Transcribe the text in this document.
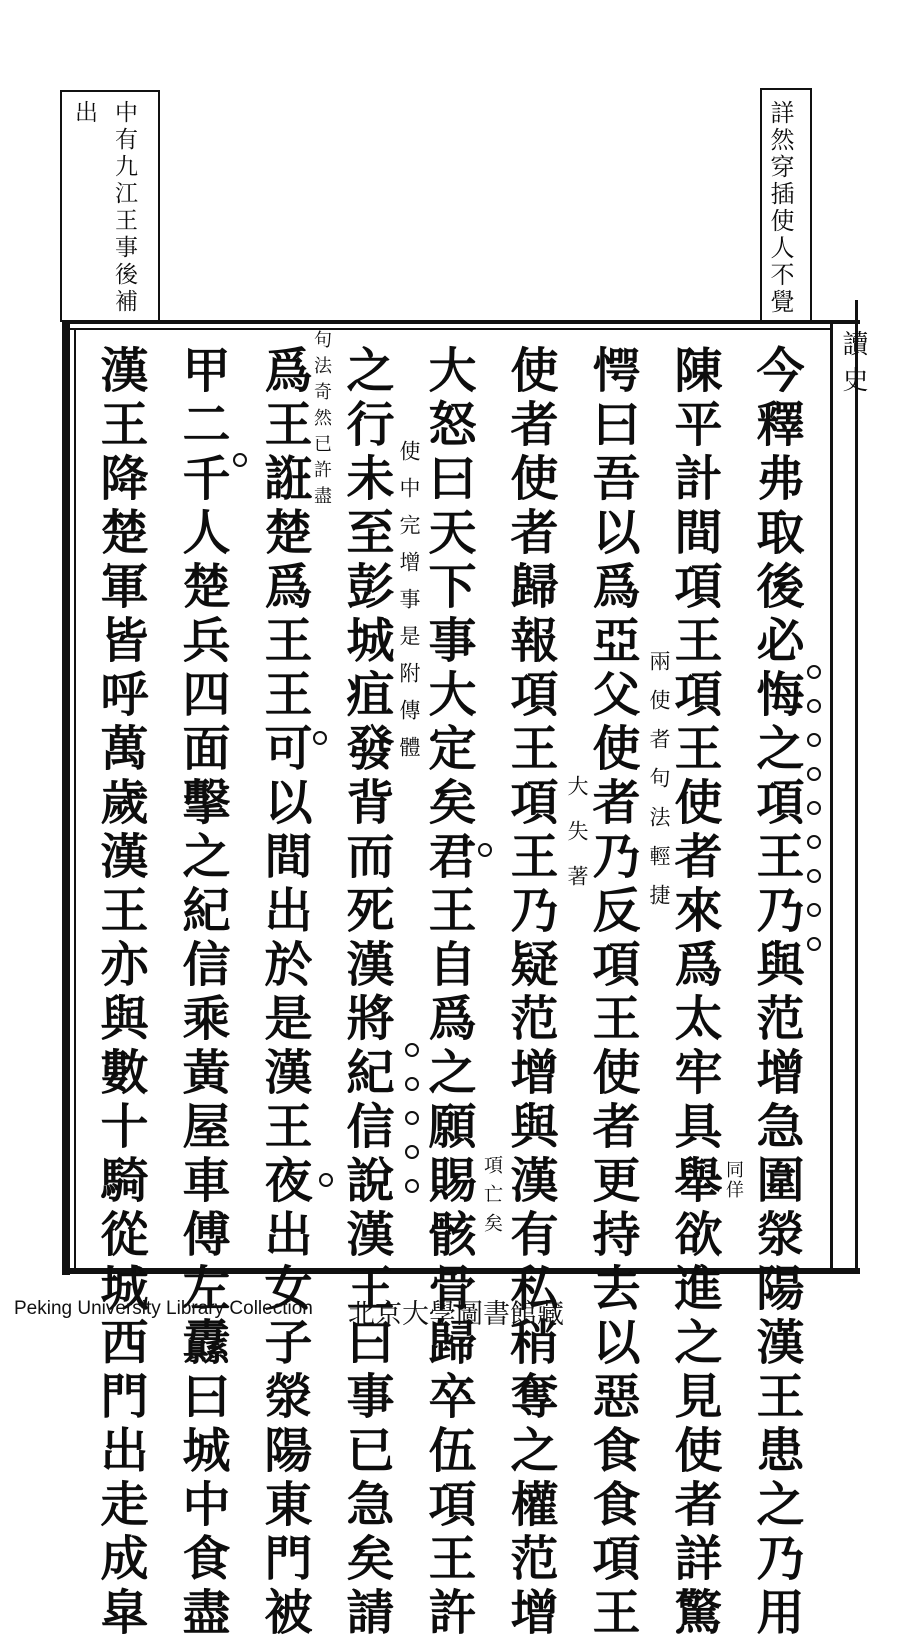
中有九江王事後補
出	詳然穿插使人不覺
讀史
今釋弗取後必悔之項王乃與范增急圍滎陽漢王患之乃用
陳平計間項王項王使者來爲太牢具舉欲進之見使者詳驚
愕曰吾以爲亞父使者乃反項王使者更持去以惡食食項王
使者使者歸報項王項王乃疑范增與漢有私稍奪之權范增
大怒曰天下事大定矣君王自爲之願賜骸骨歸卒伍項王許
之行未至彭城疽發背而死漢將紀信說漢王曰事已急矣請
爲王誑楚爲王王可以間出於是漢王夜出女子滎陽東門被
甲二千人楚兵四面擊之紀信乘黃屋車傅左纛曰城中食盡
漢王降楚軍皆呼萬歲漢王亦與數十騎從城西門出走成皐	同佯
兩使者句法輕捷
大失著
項亡矣
使中完增事是附傳體
句法奇然已許盡
Peking University Library Collection 北京大學圖書館藏
